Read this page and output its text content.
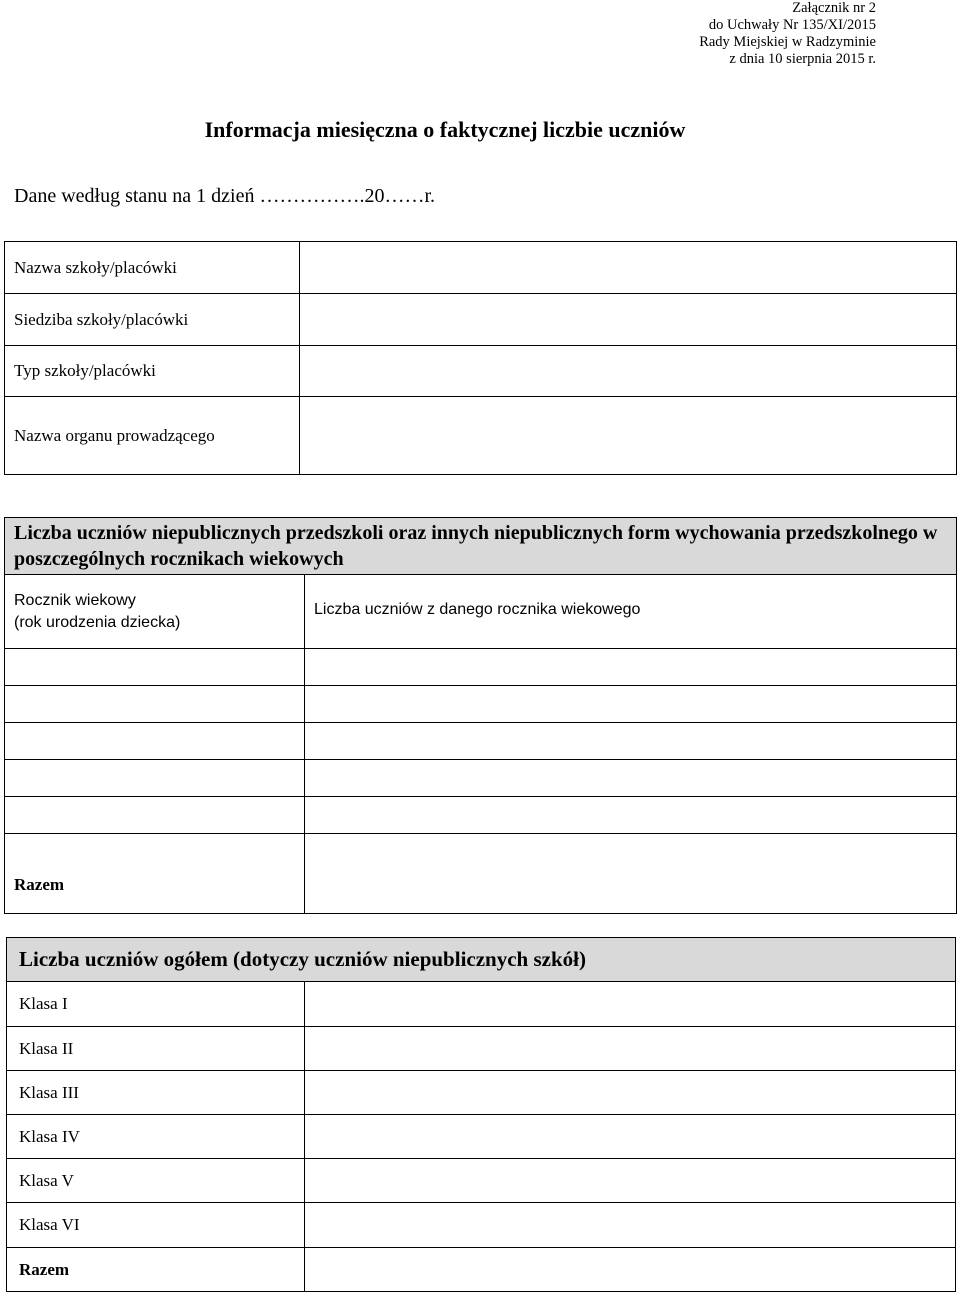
Załącznik nr 2
do Uchwały Nr 135/XI/2015
Rady Miejskiej w Radzyminie
z dnia 10 sierpnia 2015 r.
Informacja miesięczna o faktycznej liczbie uczniów
Dane według stanu na 1 dzień …………….20……r.
Nazwa szkoły/placówki	
Siedziba szkoły/placówki	
Typ szkoły/placówki	
Nazwa organu prowadzącego	
Liczba uczniów niepublicznych przedszkoli oraz innych niepublicznych form wychowania przedszkolnego w poszczególnych rocznikach wiekowych	

Rocznik wiekowy
(rok urodzenia dziecka)	Liczba uczniów z danego rocznika wiekowego

Razem	
Liczba uczniów ogółem (dotyczy uczniów niepublicznych szkół)	
Klasa I	
Klasa II	
Klasa III	
Klasa IV	
Klasa V	
Klasa VI	
Razem	
